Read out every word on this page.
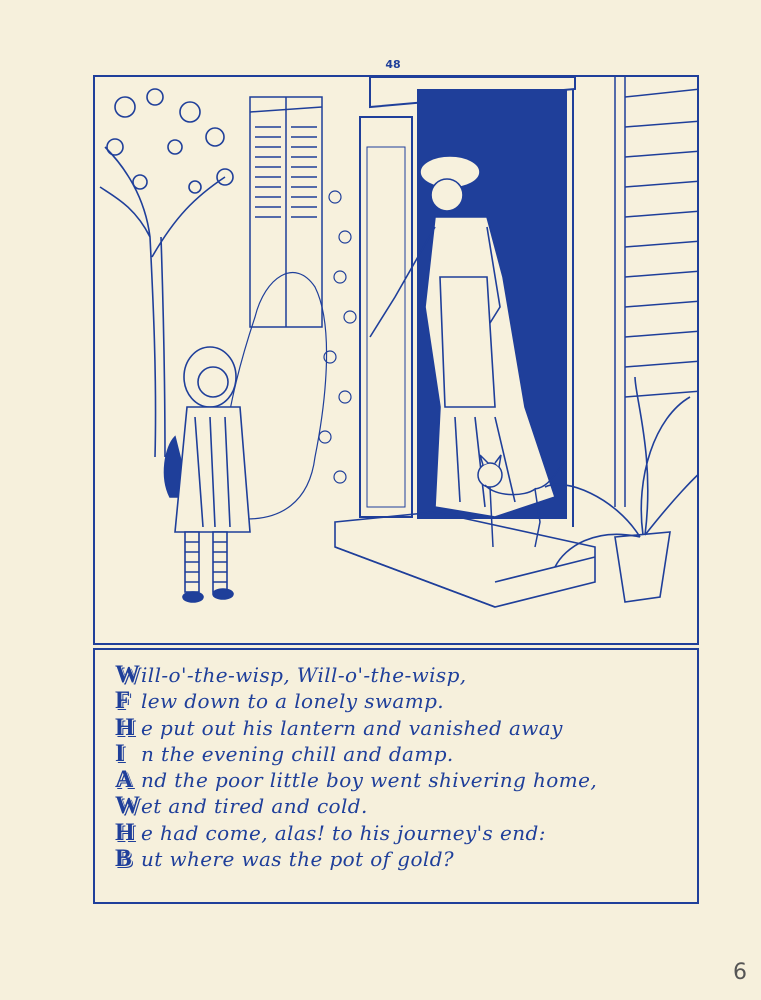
48
Will-o'-the-wisp, Will-o'-the-wisp,
F lew down to a lonely swamp.
H e put out his lantern and vanished away
I n the evening chill and damp.
A nd the poor little boy went shivering home,
Wet and tired and cold.
H e had come, alas! to his journey's end:
B ut where was the pot of gold?
6
